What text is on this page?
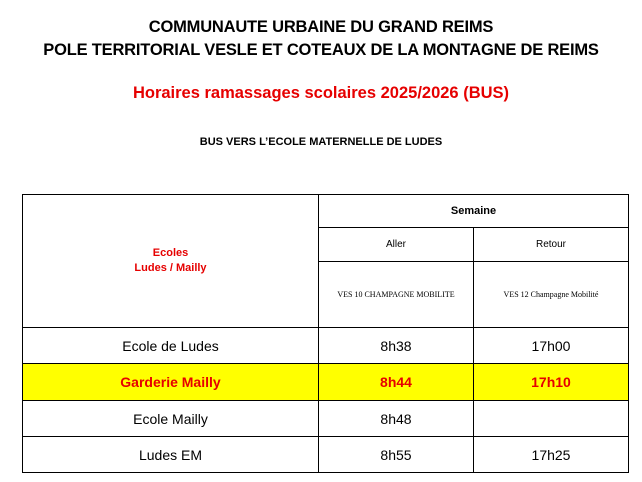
COMMUNAUTE URBAINE DU GRAND REIMS
POLE TERRITORIAL VESLE ET COTEAUX DE LA MONTAGNE DE REIMS
Horaires ramassages scolaires 2025/2026 (BUS)
BUS VERS L’ECOLE MATERNELLE DE LUDES
Ecoles
Ludes / Mailly	Semaine	
	Aller	Retour
	VES 10 CHAMPAGNE MOBILITE	VES 12 Champagne Mobilité
Ecole de Ludes	8h38	17h00
Garderie Mailly	8h44	17h10
Ecole Mailly	8h48	
Ludes EM	8h55	17h25
